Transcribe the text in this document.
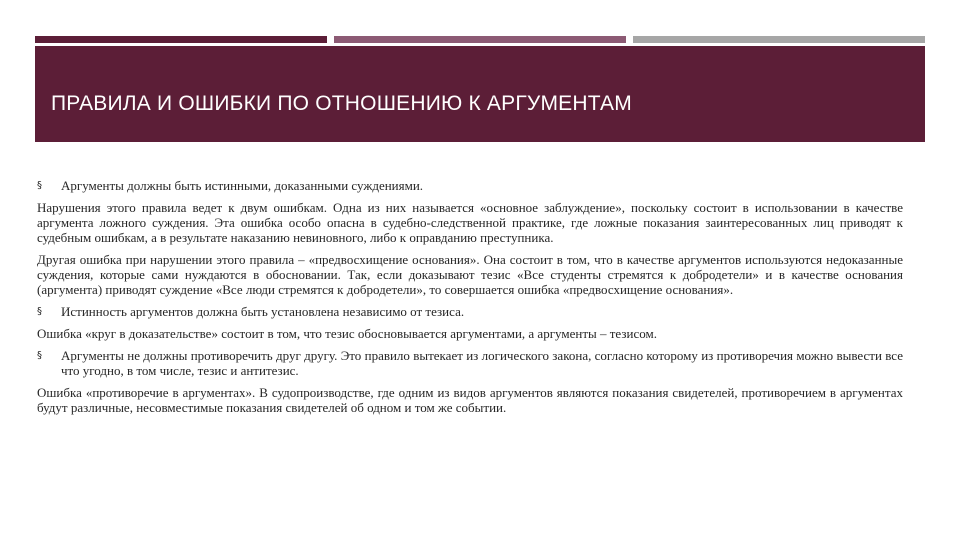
ПРАВИЛА И ОШИБКИ ПО ОТНОШЕНИЮ К АРГУМЕНТАМ
§	Аргументы должны быть истинными, доказанными суждениями.

Нарушения этого правила ведет к двум ошибкам. Одна из них называется «основное заблуждение», поскольку состоит в использовании в качестве аргумента ложного суждения. Эта ошибка особо опасна в судебно-следственной практике, где ложные показания заинтересованных лиц приводят к судебным ошибкам, а в результате наказанию невиновного, либо к оправданию преступника.

Другая ошибка при нарушении этого правила – «предвосхищение основания». Она состоит в том, что в качестве аргументов используются недоказанные суждения, которые сами нуждаются в обосновании. Так, если доказывают тезис «Все студенты стремятся к добродетели» и в качестве основания (аргумента) приводят суждение «Все люди стремятся к добродетели», то совершается ошибка «предвосхищение основания».

§	Истинность аргументов должна быть установлена независимо от тезиса.

Ошибка «круг в доказательстве» состоит в том, что тезис обосновывается аргументами, а аргументы – тезисом.

§	Аргументы не должны противоречить друг другу. Это правило вытекает из логического закона, согласно которому из противоречия можно вывести все что угодно, в том числе, тезис и антитезис.

Ошибка «противоречие в аргументах». В судопроизводстве, где одним из видов аргументов являются показания свидетелей, противоречием в аргументах будут различные, несовместимые показания свидетелей об одном и том же событии.
